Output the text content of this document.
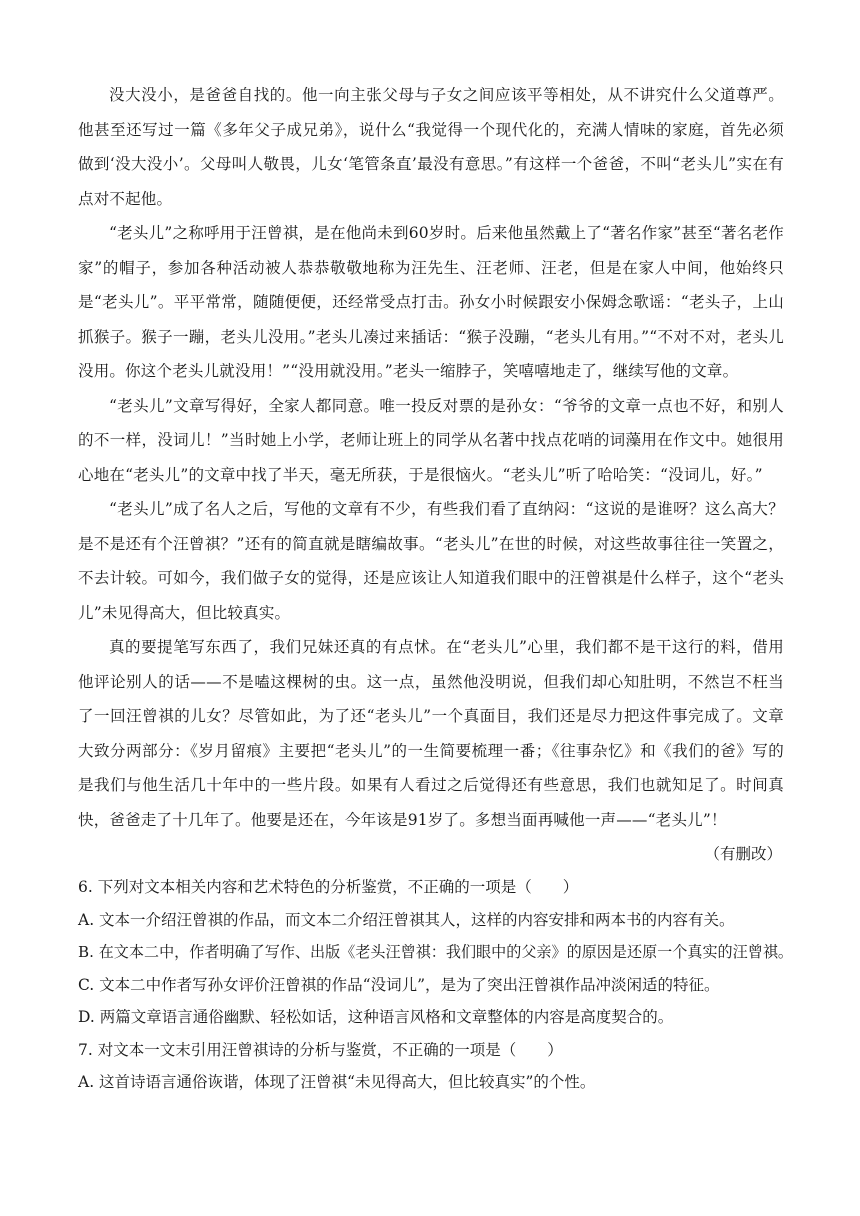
没大没小，是爸爸自找的。他一向主张父母与子女之间应该平等相处，从不讲究什么父道尊严。他甚至还写过一篇《多年父子成兄弟》，说什么“我觉得一个现代化的，充满人情味的家庭，首先必须做到‘没大没小’。父母叫人敬畏，儿女‘笔管条直’最没有意思。”有这样一个爸爸，不叫“老头儿”实在有点对不起他。

“老头儿”之称呼用于汪曾祺，是在他尚未到60岁时。后来他虽然戴上了“著名作家”甚至“著名老作家”的帽子，参加各种活动被人恭恭敬敬地称为汪先生、汪老师、汪老，但是在家人中间，他始终只是“老头儿”。平平常常，随随便便，还经常受点打击。孙女小时候跟安小保姆念歌谣：“老头子，上山抓猴子。猴子一蹦，老头儿没用。”老头儿凑过来插话：“猴子没蹦，“老头儿有用。”“不对不对，老头儿没用。你这个老头儿就没用！”“没用就没用。”老头一缩脖子，笑嘻嘻地走了，继续写他的文章。

“老头儿”文章写得好，全家人都同意。唯一投反对票的是孙女：“爷爷的文章一点也不好，和别人的不一样，没词儿！”当时她上小学，老师让班上的同学从名著中找点花哨的词藻用在作文中。她很用心地在“老头儿”的文章中找了半天，毫无所获，于是很恼火。“老头儿”听了哈哈笑：“没词儿，好。”

“老头儿”成了名人之后，写他的文章有不少，有些我们看了直纳闷：“这说的是谁呀？这么高大？是不是还有个汪曾祺？”还有的简直就是瞎编故事。“老头儿”在世的时候，对这些故事往往一笑置之，不去计较。可如今，我们做子女的觉得，还是应该让人知道我们眼中的汪曾祺是什么样子，这个“老头儿”未见得高大，但比较真实。

真的要提笔写东西了，我们兄妹还真的有点怵。在“老头儿”心里，我们都不是干这行的料，借用他评论别人的话——不是嗑这棵树的虫。这一点，虽然他没明说，但我们却心知肚明，不然岂不枉当了一回汪曾祺的儿女？尽管如此，为了还“老头儿”一个真面目，我们还是尽力把这件事完成了。文章大致分两部分：《岁月留痕》主要把“老头儿”的一生简要梳理一番；《往事杂忆》和《我们的爸》写的是我们与他生活几十年中的一些片段。如果有人看过之后觉得还有些意思，我们也就知足了。时间真快，爸爸走了十几年了。他要是还在，今年该是91岁了。多想当面再喊他一声——“老头儿”！

（有删改）

6. 下列对文本相关内容和艺术特色的分析鉴赏，不正确的一项是（　　）

A. 文本一介绍汪曾祺的作品，而文本二介绍汪曾祺其人，这样的内容安排和两本书的内容有关。

B. 在文本二中，作者明确了写作、出版《老头汪曾祺：我们眼中的父亲》的原因是还原一个真实的汪曾祺。

C. 文本二中作者写孙女评价汪曾祺的作品“没词儿”，是为了突出汪曾祺作品冲淡闲适的特征。

D. 两篇文章语言通俗幽默、轻松如话，这种语言风格和文章整体的内容是高度契合的。

7. 对文本一文末引用汪曾祺诗的分析与鉴赏，不正确的一项是（　　）

A. 这首诗语言通俗诙谐，体现了汪曾祺“未见得高大，但比较真实”的个性。
